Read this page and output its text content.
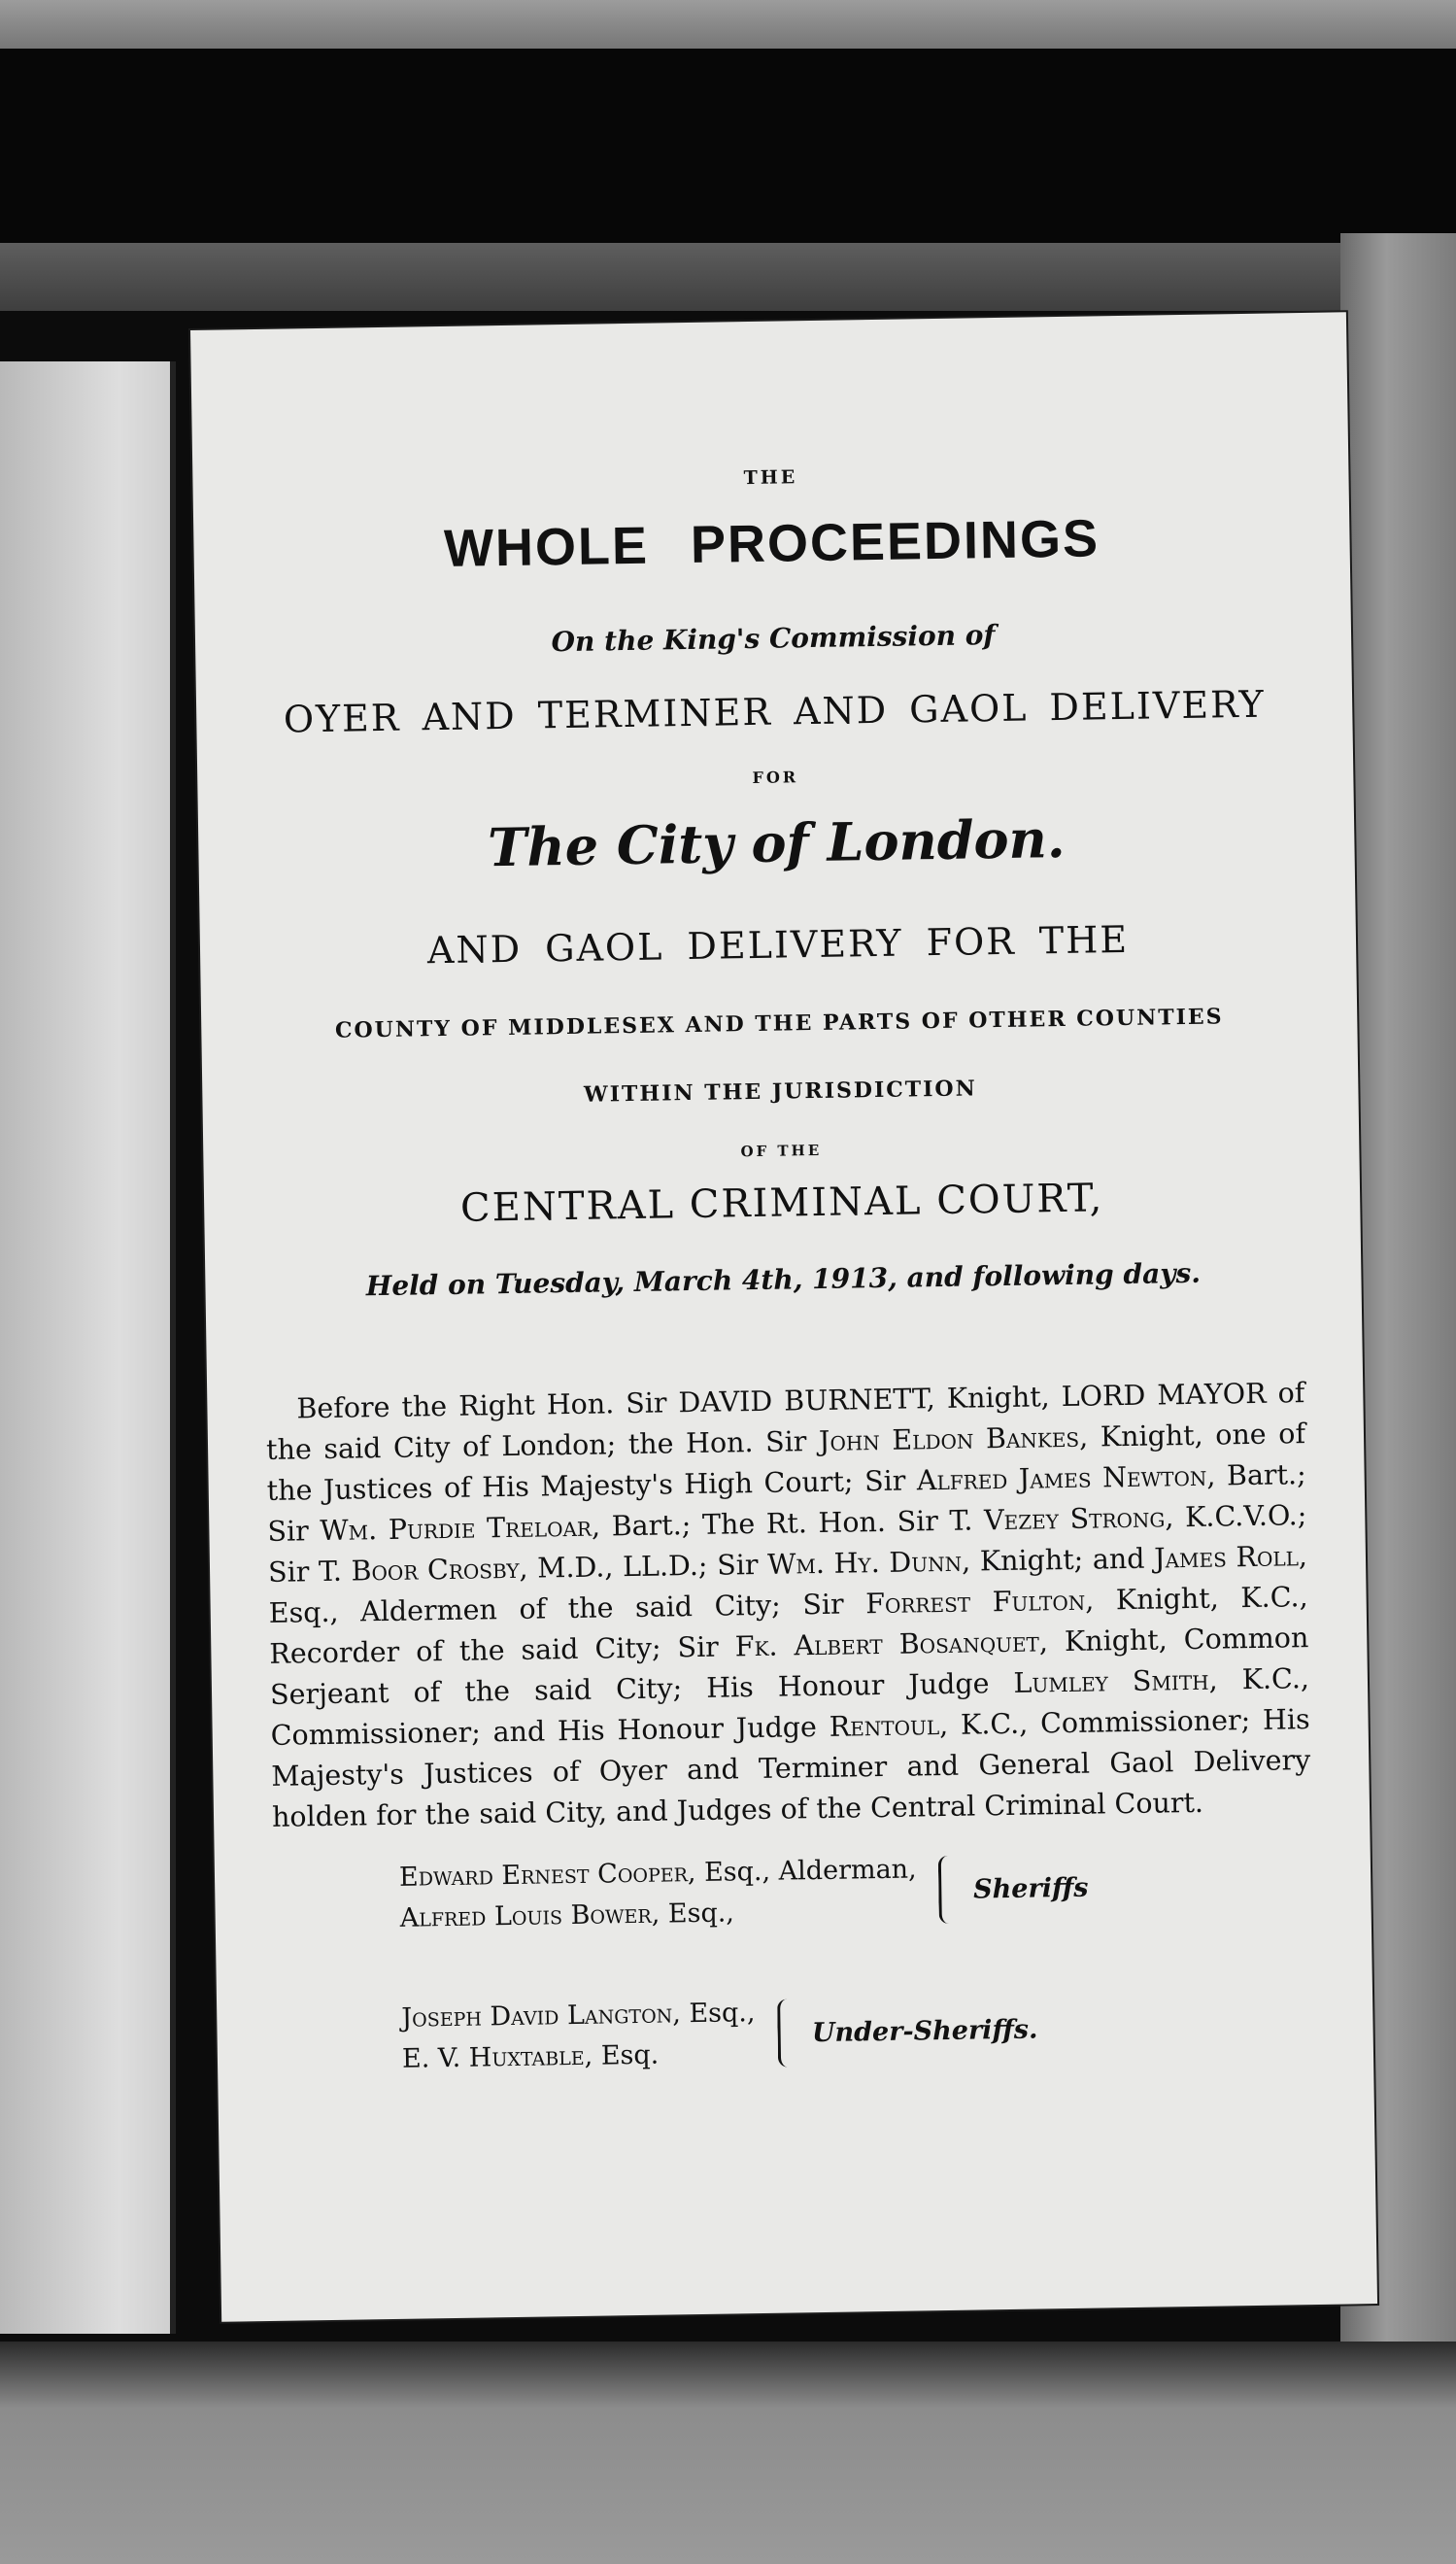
THE
WHOLE PROCEEDINGS
On the King's Commission of
OYER AND TERMINER AND GAOL DELIVERY
FOR
The City of London.
AND GAOL DELIVERY FOR THE
COUNTY OF MIDDLESEX AND THE PARTS OF OTHER COUNTIES
WITHIN THE JURISDICTION
OF THE
CENTRAL CRIMINAL COURT,
Held on Tuesday, March 4th, 1913, and following days.

Before the Right Hon. Sir DAVID BURNETT, Knight, LORD MAYOR of the said City of London; the Hon. Sir John Eldon Bankes, Knight, one of the Justices of His Majesty's High Court; Sir Alfred James Newton, Bart.; Sir Wm. Purdie Treloar, Bart.; The Rt. Hon. Sir T. Vezey Strong, K.C.V.O.; Sir T. Boor Crosby, M.D., LL.D.; Sir Wm. Hy. Dunn, Knight; and James Roll, Esq., Aldermen of the said City; Sir Forrest Fulton, Knight, K.C., Recorder of the said City; Sir Fk. Albert Bosanquet, Knight, Common Serjeant of the said City; His Honour Judge Lumley Smith, K.C., Commissioner; and His Honour Judge Rentoul, K.C., Commissioner; His Majesty's Justices of Oyer and Terminer and General Gaol Delivery holden for the said City, and Judges of the Central Criminal Court.

Edward Ernest Cooper, Esq., Alderman,
Alfred Louis Bower, Esq.,
Sheriffs
Joseph David Langton, Esq.,
E. V. Huxtable, Esq.
Under-Sheriffs.
